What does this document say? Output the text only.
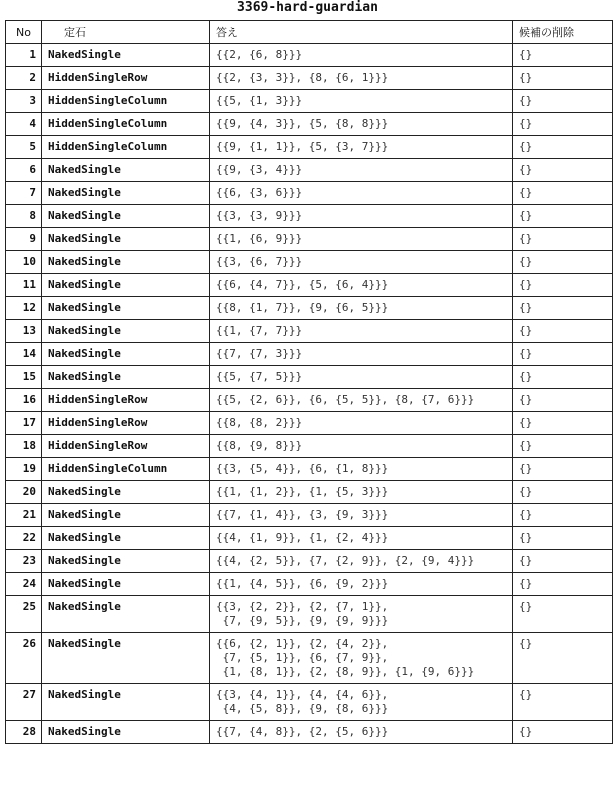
3369-hard-guardian
No	定石	答え	候補の削除
1	NakedSingle	{{2, {6, 8}}}	{}
2	HiddenSingleRow	{{2, {3, 3}}, {8, {6, 1}}}	{}
3	HiddenSingleColumn	{{5, {1, 3}}}	{}
4	HiddenSingleColumn	{{9, {4, 3}}, {5, {8, 8}}}	{}
5	HiddenSingleColumn	{{9, {1, 1}}, {5, {3, 7}}}	{}
6	NakedSingle	{{9, {3, 4}}}	{}
7	NakedSingle	{{6, {3, 6}}}	{}
8	NakedSingle	{{3, {3, 9}}}	{}
9	NakedSingle	{{1, {6, 9}}}	{}
10	NakedSingle	{{3, {6, 7}}}	{}
11	NakedSingle	{{6, {4, 7}}, {5, {6, 4}}}	{}
12	NakedSingle	{{8, {1, 7}}, {9, {6, 5}}}	{}
13	NakedSingle	{{1, {7, 7}}}	{}
14	NakedSingle	{{7, {7, 3}}}	{}
15	NakedSingle	{{5, {7, 5}}}	{}
16	HiddenSingleRow	{{5, {2, 6}}, {6, {5, 5}}, {8, {7, 6}}}	{}
17	HiddenSingleRow	{{8, {8, 2}}}	{}
18	HiddenSingleRow	{{8, {9, 8}}}	{}
19	HiddenSingleColumn	{{3, {5, 4}}, {6, {1, 8}}}	{}
20	NakedSingle	{{1, {1, 2}}, {1, {5, 3}}}	{}
21	NakedSingle	{{7, {1, 4}}, {3, {9, 3}}}	{}
22	NakedSingle	{{4, {1, 9}}, {1, {2, 4}}}	{}
23	NakedSingle	{{4, {2, 5}}, {7, {2, 9}}, {2, {9, 4}}}	{}
24	NakedSingle	{{1, {4, 5}}, {6, {9, 2}}}	{}
25	NakedSingle	{{3, {2, 2}}, {2, {7, 1}},
{7, {9, 5}}, {9, {9, 9}}}	{}
26	NakedSingle	{{6, {2, 1}}, {2, {4, 2}},
{7, {5, 1}}, {6, {7, 9}},
{1, {8, 1}}, {2, {8, 9}}, {1, {9, 6}}}	{}
27	NakedSingle	{{3, {4, 1}}, {4, {4, 6}},
{4, {5, 8}}, {9, {8, 6}}}	{}
28	NakedSingle	{{7, {4, 8}}, {2, {5, 6}}}	{}
